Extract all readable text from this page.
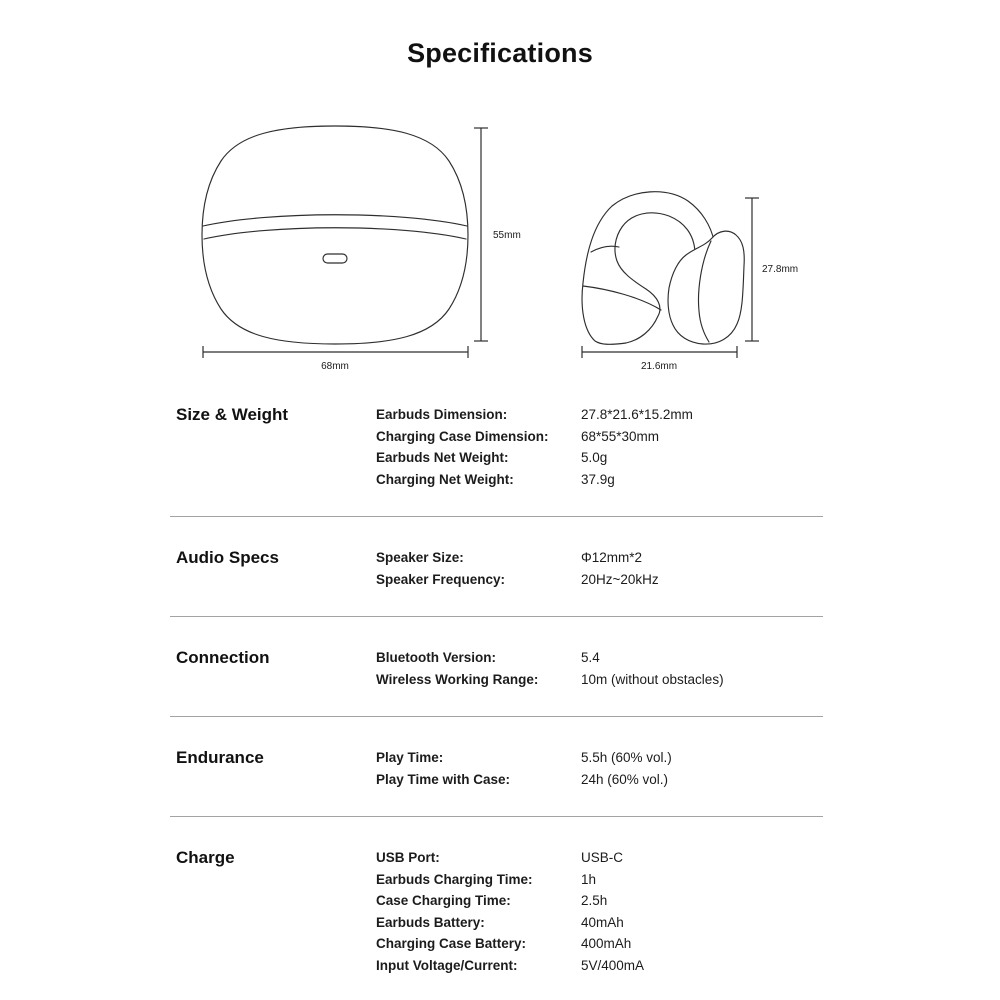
Specifications
55mm
68mm
27.8mm
21.6mm
Size & Weight	Earbuds Dimension:	27.8*21.6*15.2mm
Charging Case Dimension:	68*55*30mm
Earbuds Net Weight:	5.0g
Charging Net Weight:	37.9g
Audio Specs	Speaker Size:	Φ12mm*2
Speaker Frequency:	20Hz~20kHz
Connection	Bluetooth Version:	5.4
Wireless Working Range:	10m (without obstacles)
Endurance	Play Time:	5.5h (60% vol.)
Play Time with Case:	24h (60% vol.)
Charge	USB Port:	USB-C
Earbuds Charging Time:	1h
Case Charging Time:	2.5h
Earbuds Battery:	40mAh
Charging Case Battery:	400mAh
Input Voltage/Current:	5V/400mA
